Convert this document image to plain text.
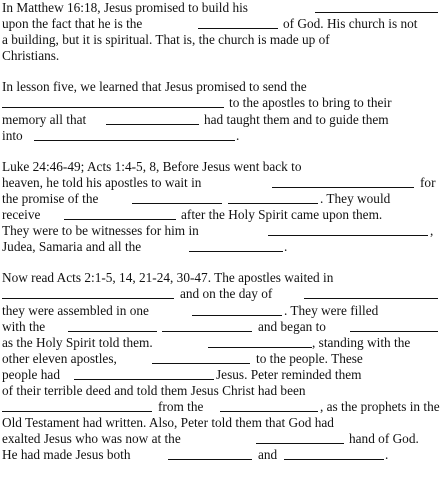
In Matthew 16:18, Jesus promised to build his
upon the fact that he is the	of God. His church is not
a building, but it is spiritual. That is, the church is made up of
Christians.
In lesson five, we learned that Jesus promised to send the
to the apostles to bring to their
memory all that	had taught them and to guide them
into	.
Luke 24:46-49; Acts 1:4-5, 8, Before Jesus went back to
heaven, he told his apostles to wait in	for
the promise of the	. They would
receive	after the Holy Spirit came upon them.
They were to be witnesses for him in	,
Judea, Samaria and all the	.
Now read Acts 2:1-5, 14, 21-24, 30-47. The apostles waited in
and on the day of
they were assembled in one	. They were filled
with the	and began to
as the Holy Spirit told them.	, standing with the
other eleven apostles,	to the people. These
people had	Jesus. Peter reminded them
of their terrible deed and told them Jesus Christ had been
from the	, as the prophets in the
Old Testament had written. Also, Peter told them that God had
exalted Jesus who was now at the	hand of God.
He had made Jesus both	and	.
